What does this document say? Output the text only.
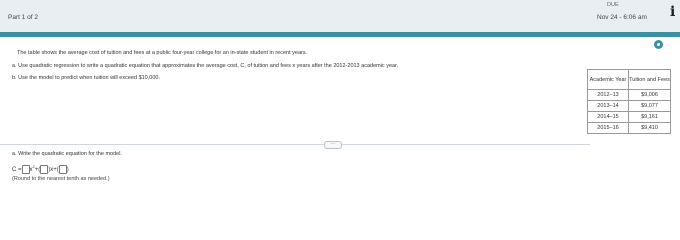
Part 1 of 2
DUE
Nov 24 - 6:06 am i
The table shows the average cost of tuition and fees at a public four-year college for an in-state student in recent years.
a. Use quadratic regression to write a quadratic equation that approximates the average cost, C, of tuition and fees x years after the 2012-2013 academic year.
b. Use the model to predict when tuition will exceed $10,000.	Academic Year	Tuition and Fees
2012–13	$9,006
2013–14	$9,077
2014–15	$9,161
2015–16	$9,410
···
a. Write the quadratic equation for the model.
C = x 2 + ( ) x + ( )
(Round to the nearest tenth as needed.)
